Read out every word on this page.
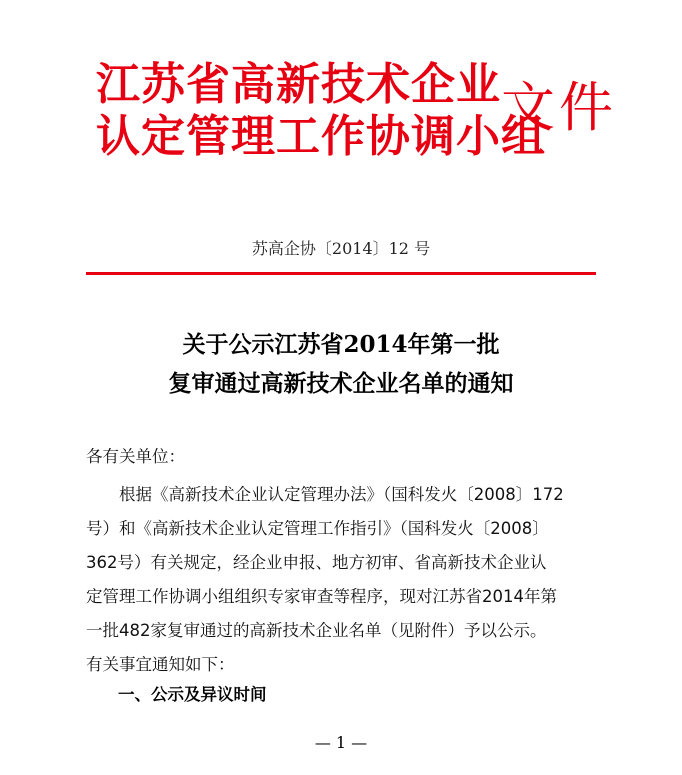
江苏省高新技术企业
认定管理工作协调小组
文件
苏高企协〔2014〕12 号
关于公示江苏省2014年第一批
复审通过高新技术企业名单的通知
各有关单位：
根据《高新技术企业认定管理办法》（国科发火〔2008〕172
号）和《高新技术企业认定管理工作指引》（国科发火〔2008〕
362号）有关规定，经企业申报、地方初审、省高新技术企业认
定管理工作协调小组组织专家审查等程序，现对江苏省2014年第
一批482家复审通过的高新技术企业名单（见附件）予以公示。
有关事宜通知如下：
一、公示及异议时间
— 1 —
